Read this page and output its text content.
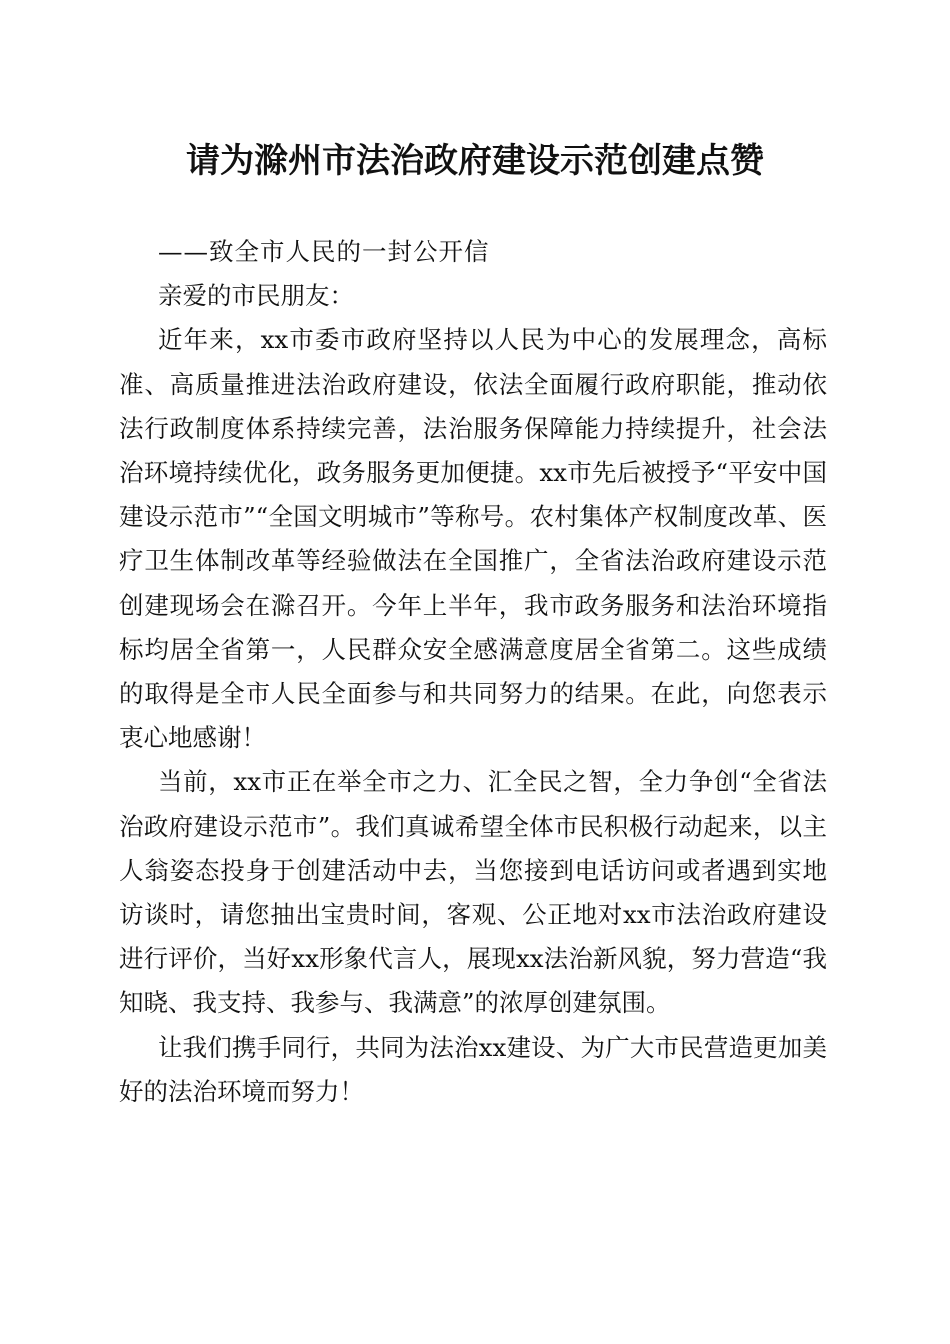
请为滁州市法治政府建设示范创建点赞

——致全市人民的一封公开信

亲爱的市民朋友：

近年来，xx市委市政府坚持以人民为中心的发展理念，高标准、高质量推进法治政府建设，依法全面履行政府职能，推动依法行政制度体系持续完善，法治服务保障能力持续提升，社会法治环境持续优化，政务服务更加便捷。xx市先后被授予“平安中国建设示范市”“全国文明城市”等称号。农村集体产权制度改革、医疗卫生体制改革等经验做法在全国推广，全省法治政府建设示范创建现场会在滁召开。今年上半年，我市政务服务和法治环境指标均居全省第一，人民群众安全感满意度居全省第二。这些成绩的取得是全市人民全面参与和共同努力的结果。在此，向您表示衷心地感谢！

当前，xx市正在举全市之力、汇全民之智，全力争创“全省法治政府建设示范市”。我们真诚希望全体市民积极行动起来，以主人翁姿态投身于创建活动中去，当您接到电话访问或者遇到实地访谈时，请您抽出宝贵时间，客观、公正地对xx市法治政府建设进行评价，当好xx形象代言人，展现xx法治新风貌，努力营造“我知晓、我支持、我参与、我满意”的浓厚创建氛围。

让我们携手同行，共同为法治xx建设、为广大市民营造更加美好的法治环境而努力！
